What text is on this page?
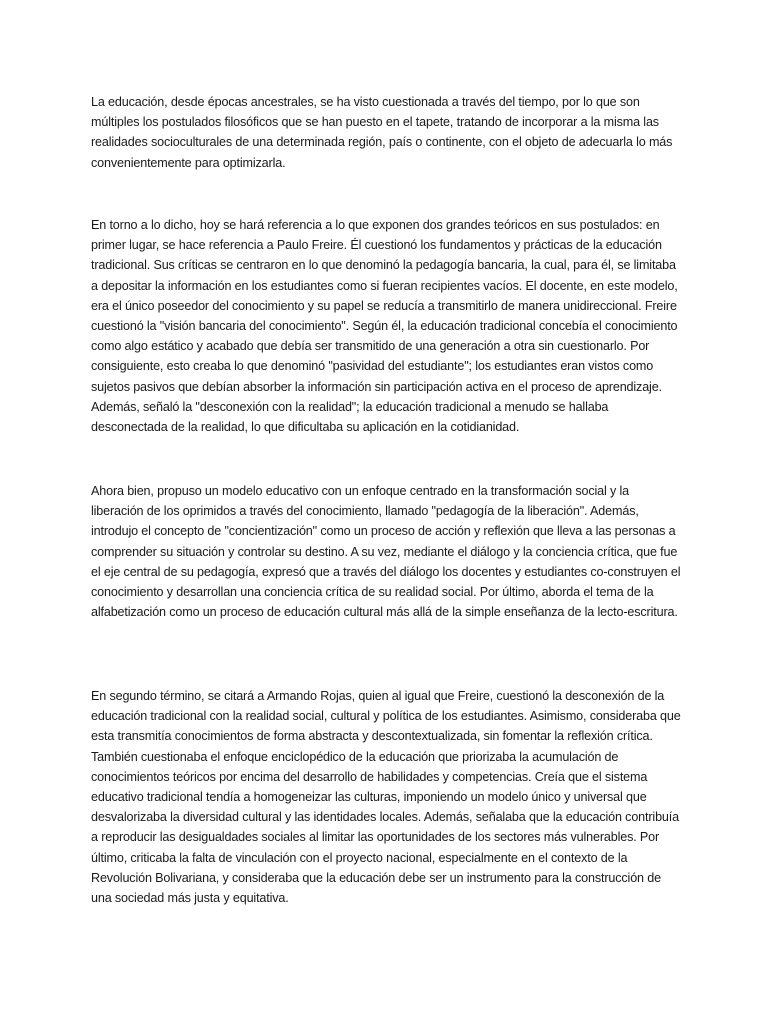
La educación, desde épocas ancestrales, se ha visto cuestionada a través del tiempo, por lo que son múltiples los postulados filosóficos que se han puesto en el tapete, tratando de incorporar a la misma las realidades socioculturales de una determinada región, país o continente, con el objeto de adecuarla lo más convenientemente para optimizarla.

En torno a lo dicho, hoy se hará referencia a lo que exponen dos grandes teóricos en sus postulados: en primer lugar, se hace referencia a Paulo Freire. Él cuestionó los fundamentos y prácticas de la educación tradicional. Sus críticas se centraron en lo que denominó la pedagogía bancaria, la cual, para él, se limitaba a depositar la información en los estudiantes como si fueran recipientes vacíos. El docente, en este modelo, era el único poseedor del conocimiento y su papel se reducía a transmitirlo de manera unidireccional. Freire cuestionó la "visión bancaria del conocimiento". Según él, la educación tradicional concebía el conocimiento como algo estático y acabado que debía ser transmitido de una generación a otra sin cuestionarlo. Por consiguiente, esto creaba lo que denominó "pasividad del estudiante"; los estudiantes eran vistos como sujetos pasivos que debían absorber la información sin participación activa en el proceso de aprendizaje. Además, señaló la "desconexión con la realidad"; la educación tradicional a menudo se hallaba desconectada de la realidad, lo que dificultaba su aplicación en la cotidianidad.

Ahora bien, propuso un modelo educativo con un enfoque centrado en la transformación social y la liberación de los oprimidos a través del conocimiento, llamado "pedagogía de la liberación". Además, introdujo el concepto de "concientización" como un proceso de acción y reflexión que lleva a las personas a comprender su situación y controlar su destino. A su vez, mediante el diálogo y la conciencia crítica, que fue el eje central de su pedagogía, expresó que a través del diálogo los docentes y estudiantes co-construyen el conocimiento y desarrollan una conciencia crítica de su realidad social. Por último, aborda el tema de la alfabetización como un proceso de educación cultural más allá de la simple enseñanza de la lecto-escritura.

En segundo término, se citará a Armando Rojas, quien al igual que Freire, cuestionó la desconexión de la educación tradicional con la realidad social, cultural y política de los estudiantes. Asimismo, consideraba que esta transmitía conocimientos de forma abstracta y descontextualizada, sin fomentar la reflexión crítica. También cuestionaba el enfoque enciclopédico de la educación que priorizaba la acumulación de conocimientos teóricos por encima del desarrollo de habilidades y competencias. Creía que el sistema educativo tradicional tendía a homogeneizar las culturas, imponiendo un modelo único y universal que desvalorizaba la diversidad cultural y las identidades locales. Además, señalaba que la educación contribuía a reproducir las desigualdades sociales al limitar las oportunidades de los sectores más vulnerables. Por último, criticaba la falta de vinculación con el proyecto nacional, especialmente en el contexto de la Revolución Bolivariana, y consideraba que la educación debe ser un instrumento para la construcción de una sociedad más justa y equitativa.
